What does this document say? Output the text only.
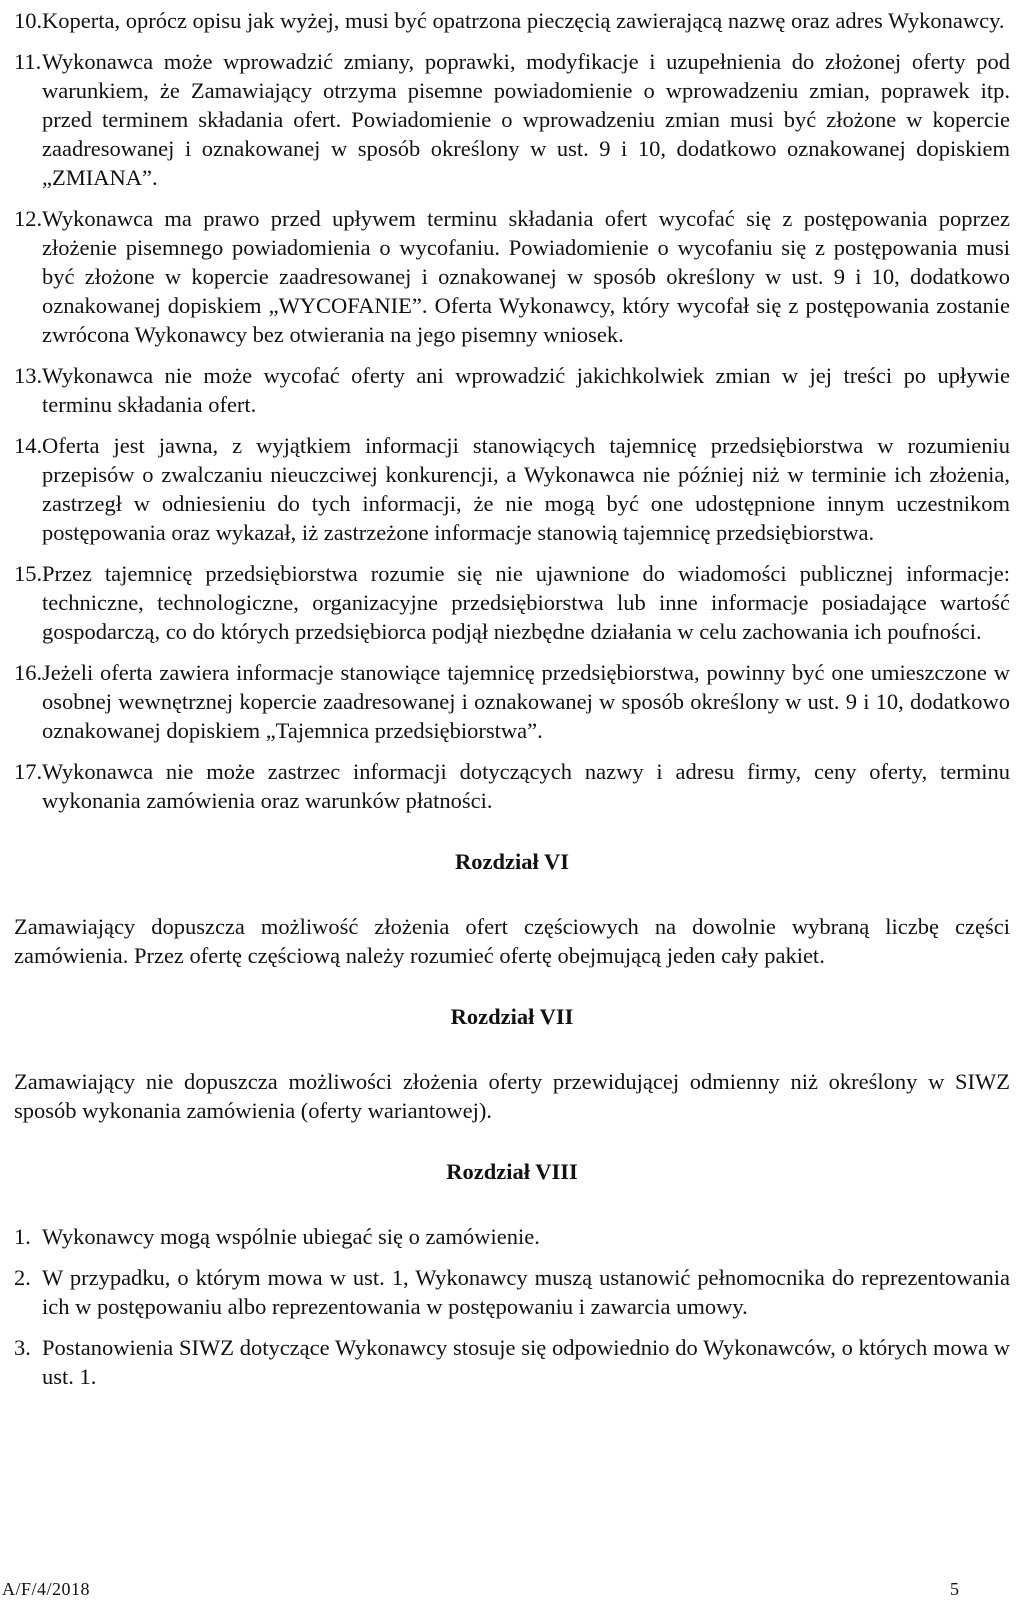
10. Koperta, oprócz opisu jak wyżej, musi być opatrzona pieczęcią zawierającą nazwę oraz adres Wykonawcy.
11. Wykonawca może wprowadzić zmiany, poprawki, modyfikacje i uzupełnienia do złożonej oferty pod warunkiem, że Zamawiający otrzyma pisemne powiadomienie o wprowadzeniu zmian, poprawek itp. przed terminem składania ofert. Powiadomienie o wprowadzeniu zmian musi być złożone w kopercie zaadresowanej i oznakowanej w sposób określony w ust. 9 i 10, dodatkowo oznakowanej dopiskiem „ZMIANA”.
12. Wykonawca ma prawo przed upływem terminu składania ofert wycofać się z postępowania poprzez złożenie pisemnego powiadomienia o wycofaniu. Powiadomienie o wycofaniu się z postępowania musi być złożone w kopercie zaadresowanej i oznakowanej w sposób określony w ust. 9 i 10, dodatkowo oznakowanej dopiskiem „WYCOFANIE”. Oferta Wykonawcy, który wycofał się z postępowania zostanie zwrócona Wykonawcy bez otwierania na jego pisemny wniosek.
13. Wykonawca nie może wycofać oferty ani wprowadzić jakichkolwiek zmian w jej treści po upływie terminu składania ofert.
14. Oferta jest jawna, z wyjątkiem informacji stanowiących tajemnicę przedsiębiorstwa w rozumieniu przepisów o zwalczaniu nieuczciwej konkurencji, a Wykonawca nie później niż w terminie ich złożenia, zastrzegł w odniesieniu do tych informacji, że nie mogą być one udostępnione innym uczestnikom postępowania oraz wykazał, iż zastrzeżone informacje stanowią tajemnicę przedsiębiorstwa.
15. Przez tajemnicę przedsiębiorstwa rozumie się nie ujawnione do wiadomości publicznej informacje: techniczne, technologiczne, organizacyjne przedsiębiorstwa lub inne informacje posiadające wartość gospodarczą, co do których przedsiębiorca podjął niezbędne działania w celu zachowania ich poufności.
16. Jeżeli oferta zawiera informacje stanowiące tajemnicę przedsiębiorstwa, powinny być one umieszczone w osobnej wewnętrznej kopercie zaadresowanej i oznakowanej w sposób określony w ust. 9 i 10, dodatkowo oznakowanej dopiskiem „Tajemnica przedsiębiorstwa”.
17. Wykonawca nie może zastrzec informacji dotyczących nazwy i adresu firmy, ceny oferty, terminu wykonania zamówienia oraz warunków płatności.
Rozdział VI

Zamawiający dopuszcza możliwość złożenia ofert częściowych na dowolnie wybraną liczbę części zamówienia. Przez ofertę częściową należy rozumieć ofertę obejmującą jeden cały pakiet.

Rozdział VII

Zamawiający nie dopuszcza możliwości złożenia oferty przewidującej odmienny niż określony w SIWZ sposób wykonania zamówienia (oferty wariantowej).

Rozdział VIII
1. Wykonawcy mogą wspólnie ubiegać się o zamówienie.
2. W przypadku, o którym mowa w ust. 1, Wykonawcy muszą ustanowić pełnomocnika do reprezentowania ich w postępowaniu albo reprezentowania w postępowaniu i zawarcia umowy.
3. Postanowienia SIWZ dotyczące Wykonawcy stosuje się odpowiednio do Wykonawców, o których mowa w ust. 1.
A/F/4/2018	5
